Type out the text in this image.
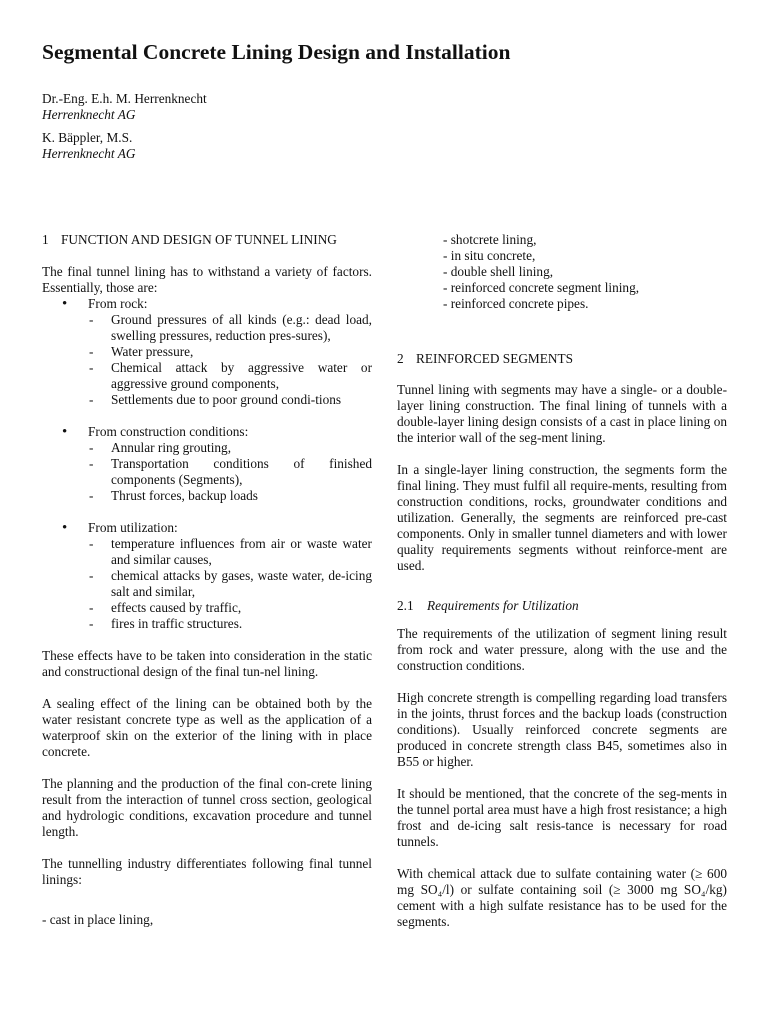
Segmental Concrete Lining Design and Installation
Dr.-Eng. E.h. M. Herrenknecht
Herrenknecht AG
K. Bäppler, M.S.
Herrenknecht AG
1 FUNCTION AND DESIGN OF TUNNEL LINING

The final tunnel lining has to withstand a variety of factors. Essentially, those are:

• From rock:
- Ground pressures of all kinds (e.g.: dead load, swelling pressures, reduction pres-sures),
- Water pressure,
- Chemical attack by aggressive water or aggressive ground components,
- Settlements due to poor ground condi-tions
• From construction conditions:
- Annular ring grouting,
- Transportation conditions of finished components (Segments),
- Thrust forces, backup loads
• From utilization:
- temperature influences from air or waste water and similar causes,
- chemical attacks by gases, waste water, de-icing salt and similar,
- effects caused by traffic,
- fires in traffic structures.

These effects have to be taken into consideration in the static and constructional design of the final tun-nel lining.

A sealing effect of the lining can be obtained both by the water resistant concrete type as well as the application of a waterproof skin on the exterior of the lining with in place concrete.

The planning and the production of the final con-crete lining result from the interaction of tunnel cross section, geological and hydrologic conditions, excavation procedure and tunnel length.

The tunnelling industry differentiates following final tunnel linings:

- cast in place lining,
- shotcrete lining,
- in situ concrete,
- double shell lining,
- reinforced concrete segment lining,
- reinforced concrete pipes.
2 REINFORCED SEGMENTS

Tunnel lining with segments may have a single- or a double-layer lining construction. The final lining of tunnels with a double-layer lining design consists of a cast in place lining on the interior wall of the seg-ment lining.

In a single-layer lining construction, the segments form the final lining. They must fulfil all require-ments, resulting from construction conditions, rocks, groundwater conditions and utilization. Generally, the segments are reinforced pre-cast components. Only in smaller tunnel diameters and with lower quality requirements segments without reinforce-ment are used.

2.1	Requirements for Utilization

The requirements of the utilization of segment lining result from rock and water pressure, along with the use and the construction conditions.

High concrete strength is compelling regarding load transfers in the joints, thrust forces and the backup loads (construction conditions). Usually reinforced concrete segments are produced in concrete strength class B45, sometimes also in B55 or higher.

It should be mentioned, that the concrete of the seg-ments in the tunnel portal area must have a high frost resistance; a high frost and de-icing salt resis-tance is necessary for road tunnels.

With chemical attack due to sulfate containing water (≥ 600 mg SO₄/l) or sulfate containing soil (≥ 3000 mg SO₄/kg) cement with a high sulfate resistance has to be used for the segments.
